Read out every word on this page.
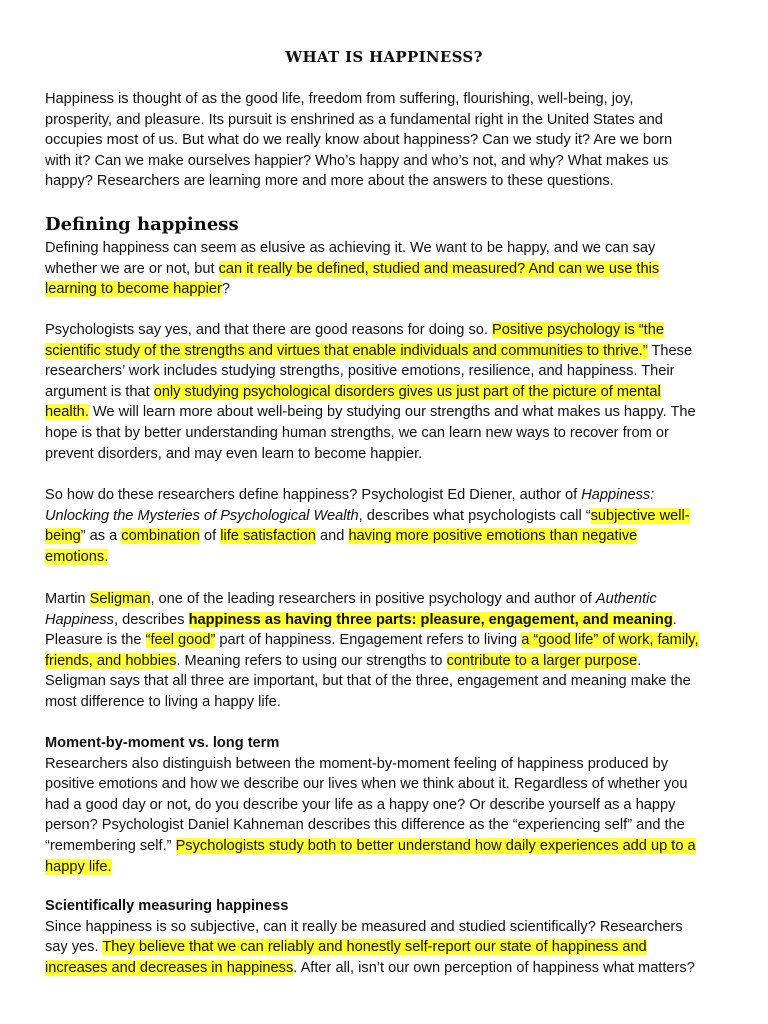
WHAT IS HAPPINESS?
Happiness is thought of as the good life, freedom from suffering, flourishing, well-being, joy,
prosperity, and pleasure. Its pursuit is enshrined as a fundamental right in the United States and
occupies most of us. But what do we really know about happiness? Can we study it? Are we born
with it? Can we make ourselves happier? Who’s happy and who’s not, and why? What makes us
happy? Researchers are learning more and more about the answers to these questions.
Defining happiness
Defining happiness can seem as elusive as achieving it. We want to be happy, and we can say
whether we are or not, but can it really be defined, studied and measured? And can we use this
learning to become happier?
Psychologists say yes, and that there are good reasons for doing so. Positive psychology is “the
scientific study of the strengths and virtues that enable individuals and communities to thrive.” These
researchers’ work includes studying strengths, positive emotions, resilience, and happiness. Their
argument is that only studying psychological disorders gives us just part of the picture of mental
health. We will learn more about well-being by studying our strengths and what makes us happy. The
hope is that by better understanding human strengths, we can learn new ways to recover from or
prevent disorders, and may even learn to become happier.
So how do these researchers define happiness? Psychologist Ed Diener, author of Happiness:
Unlocking the Mysteries of Psychological Wealth, describes what psychologists call “subjective well-
being” as a combination of life satisfaction and having more positive emotions than negative
emotions.
Martin Seligman, one of the leading researchers in positive psychology and author of Authentic
Happiness, describes happiness as having three parts: pleasure, engagement, and meaning.
Pleasure is the “feel good” part of happiness. Engagement refers to living a “good life” of work, family,
friends, and hobbies. Meaning refers to using our strengths to contribute to a larger purpose.
Seligman says that all three are important, but that of the three, engagement and meaning make the
most difference to living a happy life.
Moment-by-moment vs. long term
Researchers also distinguish between the moment-by-moment feeling of happiness produced by
positive emotions and how we describe our lives when we think about it. Regardless of whether you
had a good day or not, do you describe your life as a happy one? Or describe yourself as a happy
person? Psychologist Daniel Kahneman describes this difference as the “experiencing self” and the
“remembering self.” Psychologists study both to better understand how daily experiences add up to a
happy life.
Scientifically measuring happiness
Since happiness is so subjective, can it really be measured and studied scientifically? Researchers
say yes. They believe that we can reliably and honestly self-report our state of happiness and
increases and decreases in happiness. After all, isn’t our own perception of happiness what matters?
